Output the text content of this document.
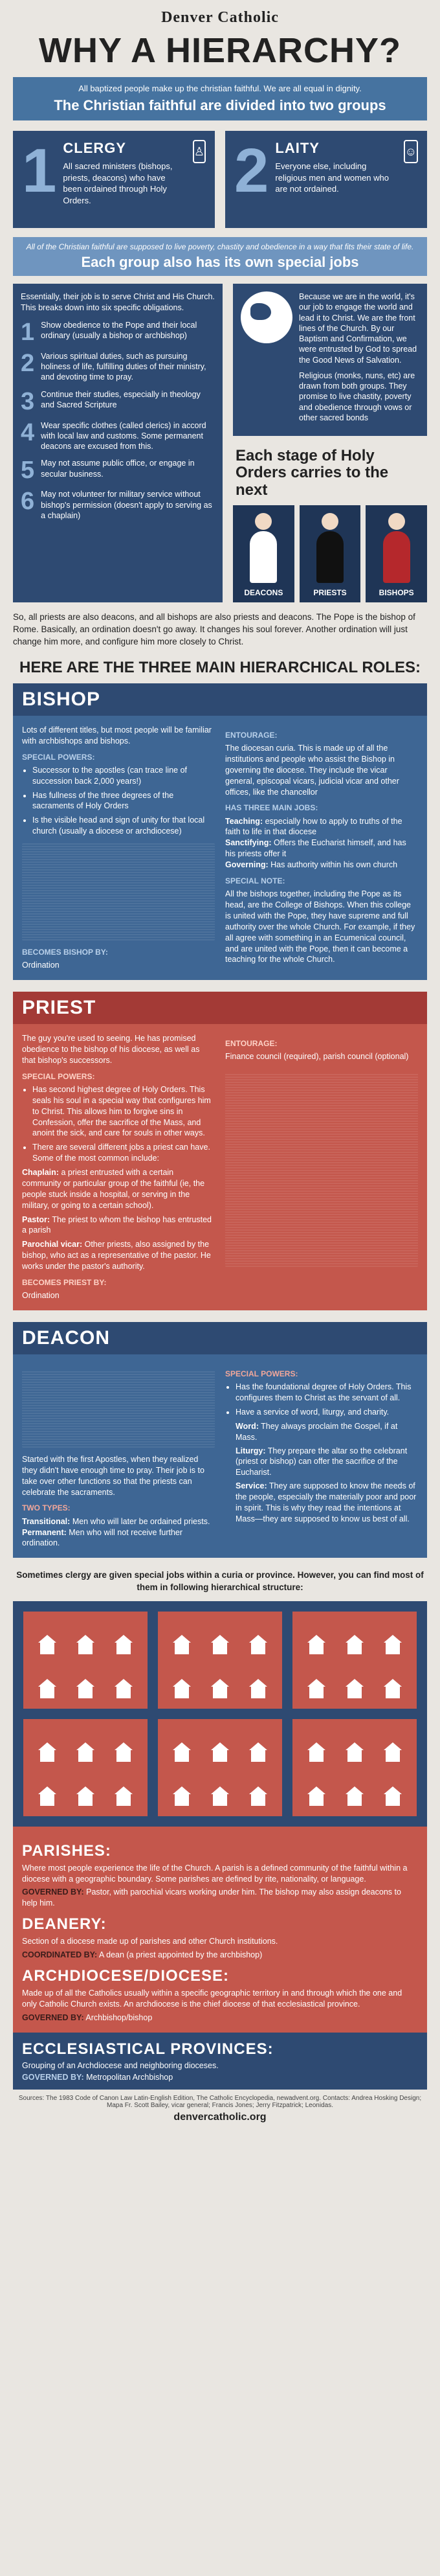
Denver Catholic
WHY A HIERARCHY?
All baptized people make up the christian faithful. We are all equal in dignity.
The Christian faithful are divided into two groups
1 CLERGY

All sacred ministers (bishops, priests, deacons) who have been ordained through Holy Orders.

♙ 2 LAITY

Everyone else, including religious men and women who are not ordained.

☺
All of the Christian faithful are supposed to live poverty, chastity and obedience in a way that fits their state of life.
Each group also has its own special jobs
Essentially, their job is to serve Christ and His Church. This breaks down into six specific obligations.
1 Show obedience to the Pope and their local ordinary (usually a bishop or archbishop)

2 Various spiritual duties, such as pursuing holiness of life, fulfilling duties of their ministry, and devoting time to pray.

3 Continue their studies, especially in theology and Sacred Scripture

4 Wear specific clothes (called clerics) in accord with local law and customs. Some permanent deacons are excused from this.

5 May not assume public office, or engage in secular business.

6 May not volunteer for military service without bishop's permission (doesn't apply to serving as a chaplain)

Because we are in the world, it's our job to engage the world and lead it to Christ. We are the front lines of the Church. By our Baptism and Confirmation, we were entrusted by God to spread the Good News of Salvation.

Religious (monks, nuns, etc) are drawn from both groups. They promise to live chastity, poverty and obedience through vows or other sacred bonds

Each stage of Holy Orders carries to the next
DEACONS	PRIESTS	BISHOPS
So, all priests are also deacons, and all bishops are also priests and deacons. The Pope is the bishop of Rome. Basically, an ordination doesn't go away. It changes his soul forever. Another ordination will just change him more, and configure him more closely to Christ.
HERE ARE THE THREE MAIN HIERARCHICAL ROLES:
BISHOP
Lots of different titles, but most people will be familiar with archbishops and bishops.
SPECIAL POWERS:
• Successor to the apostles (can trace line of succession back 2,000 years!)
• Has fullness of the three degrees of the sacraments of Holy Orders
• Is the visible head and sign of unity for that local church (usually a diocese or archdiocese)
BECOMES BISHOP BY:
Ordination
ENTOURAGE:
The diocesan curia. This is made up of all the institutions and people who assist the Bishop in governing the diocese. They include the vicar general, episcopal vicars, judicial vicar and other offices, like the chancellor
HAS THREE MAIN JOBS:

Teaching: especially how to apply to truths of the faith to life in that diocese

Sanctifying: Offers the Eucharist himself, and has his priests offer it

Governing: Has authority within his own church

SPECIAL NOTE:
All the bishops together, including the Pope as its head, are the College of Bishops. When this college is united with the Pope, they have supreme and full authority over the whole Church. For example, if they all agree with something in an Ecumenical council, and are united with the Pope, then it can become a teaching for the whole Church.
PRIEST
The guy you're used to seeing. He has promised obedience to the bishop of his diocese, as well as that bishop's successors.
SPECIAL POWERS:
• Has second highest degree of Holy Orders. This seals his soul in a special way that configures him to Christ. This allows him to forgive sins in Confession, offer the sacrifice of the Mass, and anoint the sick, and care for souls in other ways.
• There are several different jobs a priest can have. Some of the most common include:

Chaplain: a priest entrusted with a certain community or particular group of the faithful (ie, the people stuck inside a hospital, or serving in the military, or going to a certain school).

Pastor: The priest to whom the bishop has entrusted a parish

Parochial vicar: Other priests, also assigned by the bishop, who act as a representative of the pastor. He works under the pastor's authority.

BECOMES PRIEST BY:
Ordination
ENTOURAGE:
Finance council (required), parish council (optional)
DEACON
Started with the first Apostles, when they realized they didn't have enough time to pray. Their job is to take over other functions so that the priests can celebrate the sacraments.
TWO TYPES:

Transitional: Men who will later be ordained priests.

Permanent: Men who will not receive further ordination.

SPECIAL POWERS:
• Has the foundational degree of Holy Orders. This configures them to Christ as the servant of all.
• Have a service of word, liturgy, and charity.

Word: They always proclaim the Gospel, if at Mass.

Liturgy: They prepare the altar so the celebrant (priest or bishop) can offer the sacrifice of the Eucharist.

Service: They are supposed to know the needs of the people, especially the materially poor and poor in spirit. This is why they read the intentions at Mass—they are supposed to know us best of all.

Sometimes clergy are given special jobs within a curia or province. However, you can find most of them in following hierarchical structure:
PARISHES:

Where most people experience the life of the Church. A parish is a defined community of the faithful within a diocese with a geographic boundary. Some parishes are defined by rite, nationality, or language.

GOVERNED BY: Pastor, with parochial vicars working under him. The bishop may also assign deacons to help him.

DEANERY:

Section of a diocese made up of parishes and other Church institutions.

COORDINATED BY: A dean (a priest appointed by the archbishop)

ARCHDIOCESE/DIOCESE:

Made up of all the Catholics usually within a specific geographic territory in and through which the one and only Catholic Church exists. An archdiocese is the chief diocese of that ecclesiastical province.

GOVERNED BY: Archbishop/bishop

ECCLESIASTICAL PROVINCES:

Grouping of an Archdiocese and neighboring dioceses.

GOVERNED BY: Metropolitan Archbishop

Sources: The 1983 Code of Canon Law Latin-English Edition, The Catholic Encyclopedia, newadvent.org. Contacts: Andrea Hosking Design; Mapa Fr. Scott Bailey, vicar general; Francis Jones; Jerry Fitzpatrick; Leonidas.
denvercatholic.org
